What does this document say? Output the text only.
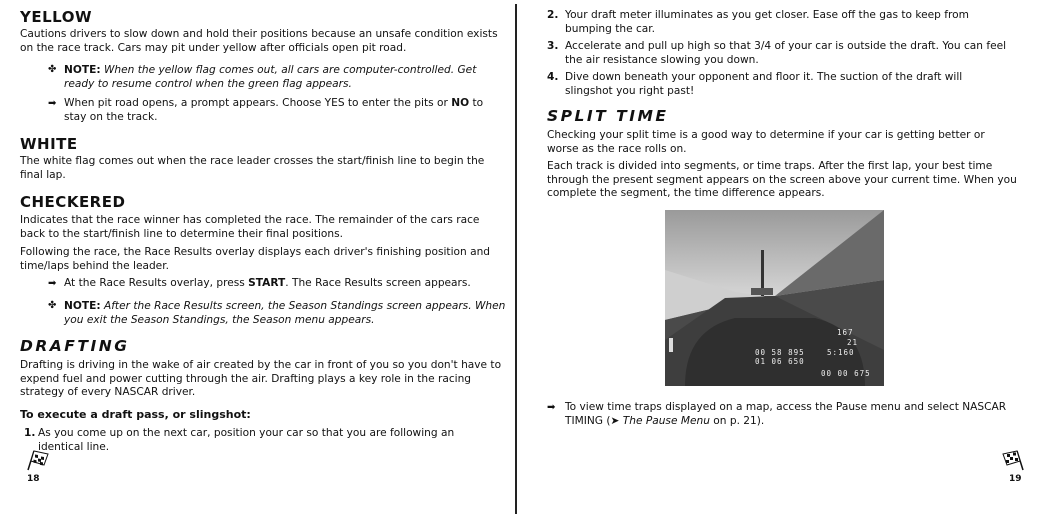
YELLOW

Cautions drivers to slow down and hold their positions because an unsafe condition exists on the race track. Cars may pit under yellow after officials open pit road.

✤ NOTE: When the yellow flag comes out, all cars are computer-controlled. Get ready to resume control when the green flag appears.

➡ When pit road opens, a prompt appears. Choose YES to enter the pits or NO to stay on the track.

WHITE

The white flag comes out when the race leader crosses the start/finish line to begin the final lap.

CHECKERED

Indicates that the race winner has completed the race. The remainder of the cars race back to the start/finish line to determine their final positions.

Following the race, the Race Results overlay displays each driver's finishing position and time/laps behind the leader.

➡ At the Race Results overlay, press START. The Race Results screen appears.

✤ NOTE: After the Race Results screen, the Season Standings screen appears. When you exit the Season Standings, the Season menu appears.

DRAFTING

Drafting is driving in the wake of air created by the car in front of you so you don't have to expend fuel and power cutting through the air. Drafting plays a key role in the racing strategy of every NASCAR driver.

To execute a draft pass, or slingshot:

1. As you come up on the next car, position your car so that you are following an identical line.

18
2. Your draft meter illuminates as you get closer. Ease off the gas to keep from bumping the car.

3. Accelerate and pull up high so that 3/4 of your car is outside the draft. You can feel the air resistance slowing you down.

4. Dive down beneath your opponent and floor it. The suction of the draft will slingshot you right past!

SPLIT TIME

Checking your split time is a good way to determine if your car is getting better or worse as the race rolls on.

Each track is divided into segments, or time traps. After the first lap, your best time through the present segment appears on the screen above your current time. When you complete the segment, the time difference appears.

167
21
00 58 895
01 06 650
5:160
00 00 675
➡ To view time traps displayed on a map, access the Pause menu and select NASCAR TIMING (➤ The Pause Menu on p. 21).

19
